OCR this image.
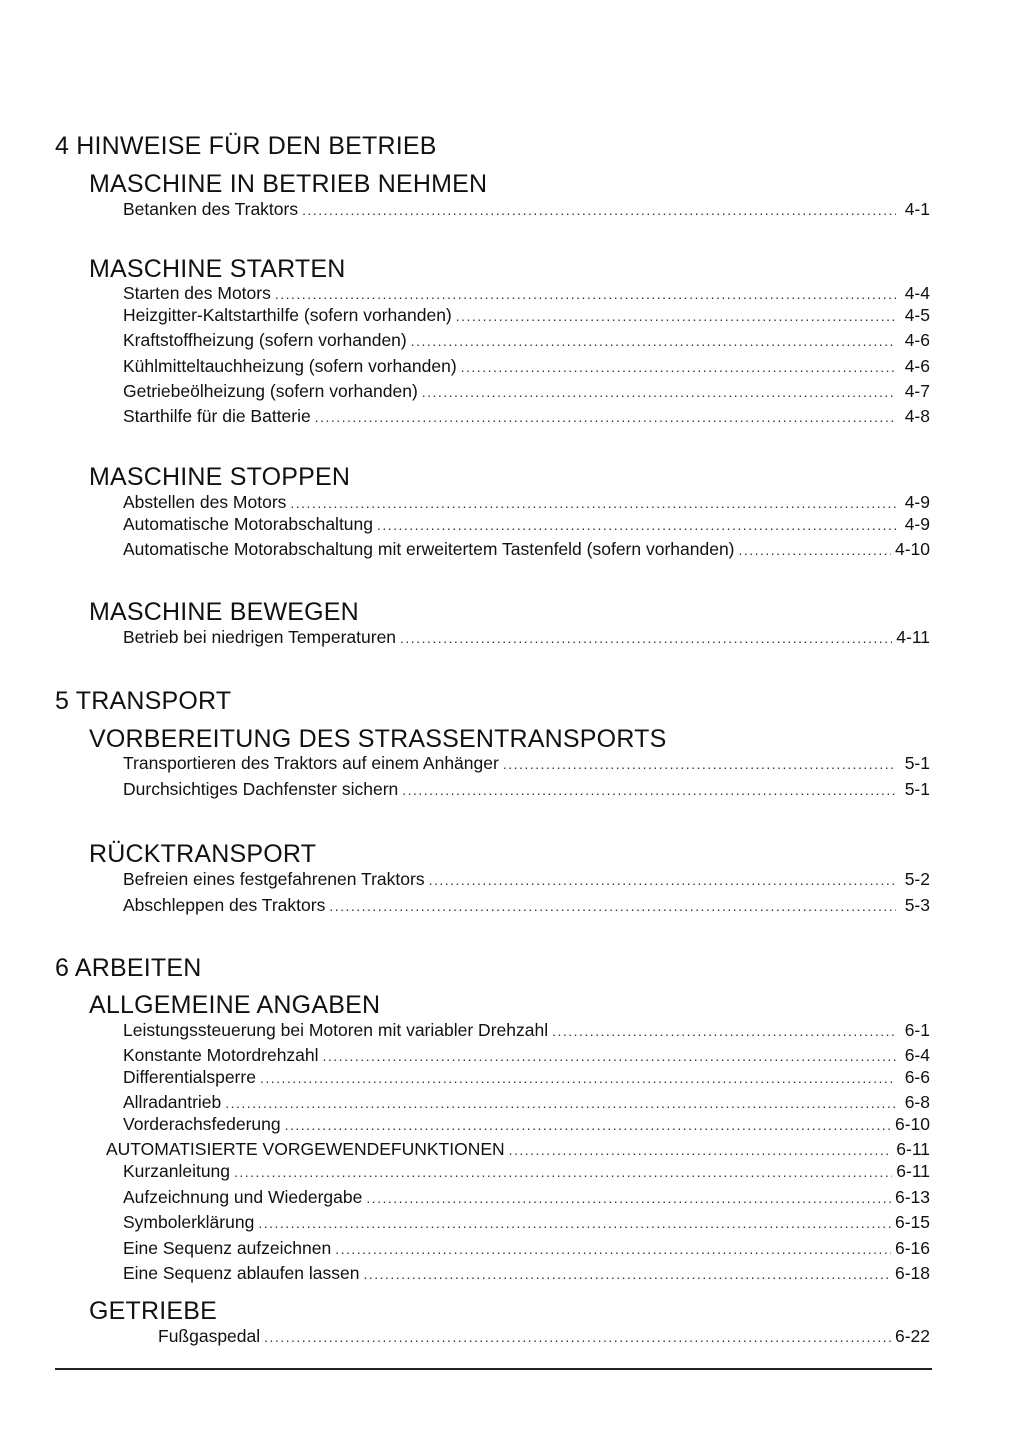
4 HINWEISE FÜR DEN BETRIEB
MASCHINE IN BETRIEB NEHMEN
Betanken des Traktors . . .	4-1
MASCHINE STARTEN
Starten des Motors . . .	4-4
Heizgitter-Kaltstarthilfe (sofern vorhanden) . . .	4-5
Kraftstoffheizung (sofern vorhanden) . . .	4-6
Kühlmitteltauchheizung (sofern vorhanden) . . .	4-6
Getriebeölheizung (sofern vorhanden) . . .	4-7
Starthilfe für die Batterie . . .	4-8
MASCHINE STOPPEN
Abstellen des Motors . . .	4-9
Automatische Motorabschaltung . . .	4-9
Automatische Motorabschaltung mit erweitertem Tastenfeld (sofern vorhanden) . . .	4-10
MASCHINE BEWEGEN
Betrieb bei niedrigen Temperaturen . . .	4-11
5 TRANSPORT
VORBEREITUNG DES STRASSENTRANSPORTS
Transportieren des Traktors auf einem Anhänger . . .	5-1
Durchsichtiges Dachfenster sichern . . .	5-1
RÜCKTRANSPORT
Befreien eines festgefahrenen Traktors . . .	5-2
Abschleppen des Traktors . . .	5-3
6 ARBEITEN
ALLGEMEINE ANGABEN
Leistungssteuerung bei Motoren mit variabler Drehzahl . . .	6-1
Konstante Motordrehzahl . . .	6-4
Differentialsperre . . .	6-6
Allradantrieb . . .	6-8
Vorderachsfederung . . .	6-10
AUTOMATISIERTE VORGEWENDEFUNKTIONEN . . .	6-11
Kurzanleitung . . .	6-11
Aufzeichnung und Wiedergabe . . .	6-13
Symbolerklärung . . .	6-15
Eine Sequenz aufzeichnen . . .	6-16
Eine Sequenz ablaufen lassen . . .	6-18
GETRIEBE
Fußgaspedal . . .	6-22
